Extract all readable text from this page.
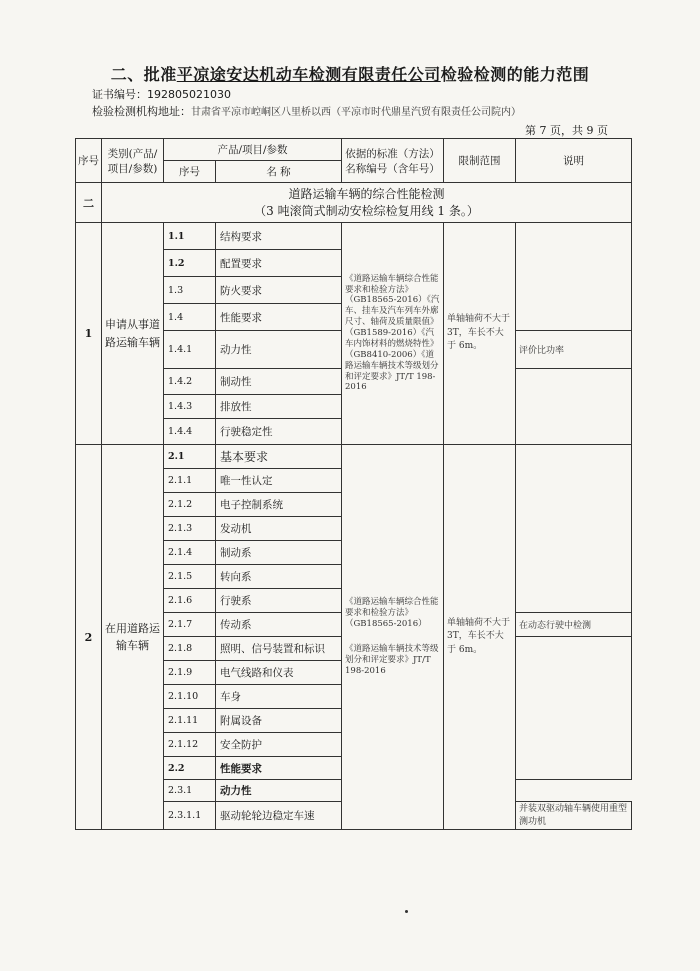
二、批准平凉途安达机动车检测有限责任公司检验检测的能力范围
证书编号：192805021030
检验检测机构地址：甘肃省平凉市崆峒区八里桥以西（平凉市时代鼎星汽贸有限责任公司院内）
第 7 页，共 9 页
序号	类别(产品/项目/参数)	产品/项目/参数		依据的标准（方法）名称编号（含年号）	限制范围	说明
		序号	名 称			
二	道路运输车辆的综合性能检测
（3 吨滚筒式制动安检综检复用线 1 条。）					

1	申请从事道路运输车辆	1.1	结构要求	《道路运输车辆综合性能要求和检验方法》（GB18565-2016）《汽车、挂车及汽车列车外廓尺寸、轴荷及质量限值》（GB1589-2016）《汽车内饰材料的燃烧特性》（GB8410-2006）《道路运输车辆技术等级划分和评定要求》JT/T 198-2016	单轴轴荷不大于 3T，车长不大于 6m。	
		1.2	配置要求			
		1.3	防火要求			
		1.4	性能要求			
		1.4.1	动力性			评价比功率
		1.4.2	制动性			
		1.4.3	排放性			
		1.4.4	行驶稳定性			
2	在用道路运输车辆	2.1	基本要求	《道路运输车辆综合性能要求和检验方法》（GB18565-2016）
《道路运输车辆技术等级划分和评定要求》JT/T 198-2016	单轴轴荷不大于 3T，车长不大于 6m。	
		2.1.1	唯一性认定			
		2.1.2	电子控制系统			
		2.1.3	发动机			
		2.1.4	制动系			
		2.1.5	转向系			
		2.1.6	行驶系			
		2.1.7	传动系			在动态行驶中检测
		2.1.8	照明、信号装置和标识			
		2.1.9	电气线路和仪表			
		2.1.10	车身			
		2.1.11	附属设备			
		2.1.12	安全防护			
		2.2	性能要求			
		2.3.1	动力性			
		2.3.1.1	驱动轮轮边稳定车速			并装双驱动轴车辆使用重型测功机
